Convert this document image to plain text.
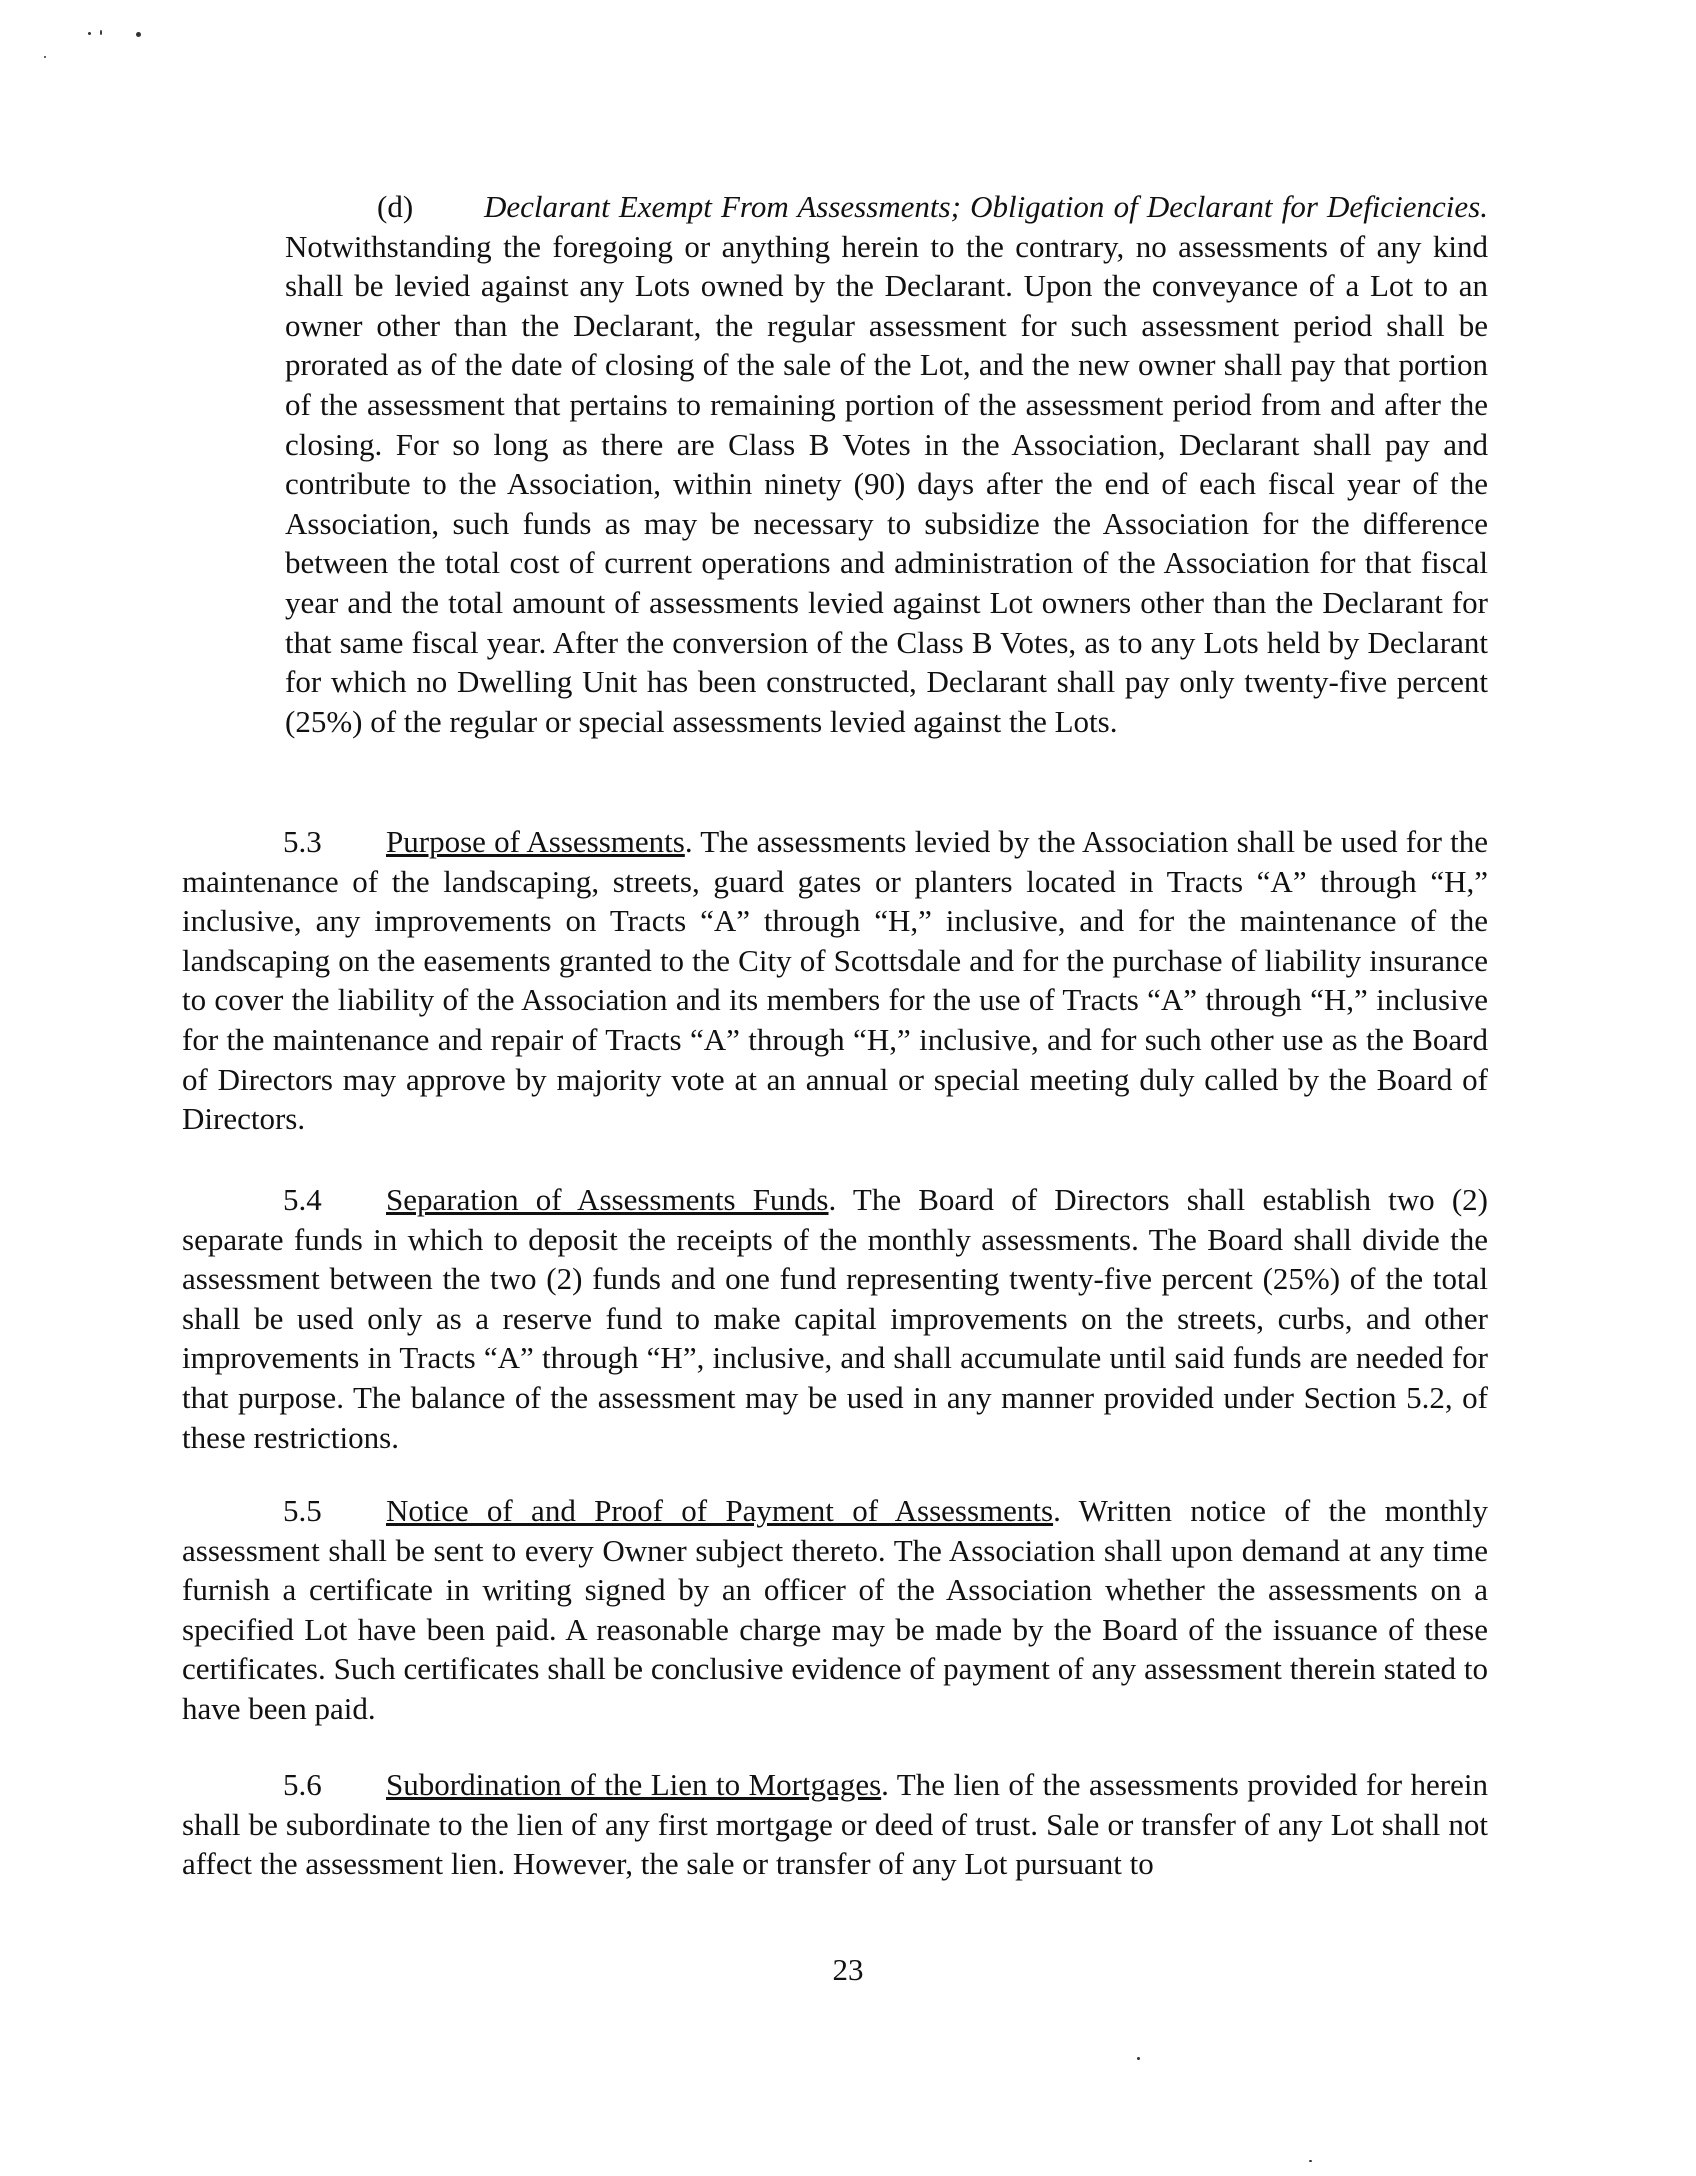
(d) Declarant Exempt From Assessments; Obligation of Declarant for Deficiencies. Notwithstanding the foregoing or anything herein to the contrary, no assessments of any kind shall be levied against any Lots owned by the Declarant. Upon the conveyance of a Lot to an owner other than the Declarant, the regular assessment for such assessment period shall be prorated as of the date of closing of the sale of the Lot, and the new owner shall pay that portion of the assessment that pertains to remaining portion of the assessment period from and after the closing. For so long as there are Class B Votes in the Association, Declarant shall pay and contribute to the Association, within ninety (90) days after the end of each fiscal year of the Association, such funds as may be necessary to subsidize the Association for the difference between the total cost of current operations and administration of the Association for that fiscal year and the total amount of assessments levied against Lot owners other than the Declarant for that same fiscal year. After the conversion of the Class B Votes, as to any Lots held by Declarant for which no Dwelling Unit has been constructed, Declarant shall pay only twenty-five percent (25%) of the regular or special assessments levied against the Lots.

5.3 Purpose of Assessments. The assessments levied by the Association shall be used for the maintenance of the landscaping, streets, guard gates or planters located in Tracts “A” through “H,” inclusive, any improvements on Tracts “A” through “H,” inclusive, and for the maintenance of the landscaping on the easements granted to the City of Scottsdale and for the purchase of liability insurance to cover the liability of the Association and its members for the use of Tracts “A” through “H,” inclusive for the maintenance and repair of Tracts “A” through “H,” inclusive, and for such other use as the Board of Directors may approve by majority vote at an annual or special meeting duly called by the Board of Directors.

5.4 Separation of Assessments Funds. The Board of Directors shall establish two (2) separate funds in which to deposit the receipts of the monthly assessments. The Board shall divide the assessment between the two (2) funds and one fund representing twenty-five percent (25%) of the total shall be used only as a reserve fund to make capital improvements on the streets, curbs, and other improvements in Tracts “A” through “H”, inclusive, and shall accumulate until said funds are needed for that purpose. The balance of the assessment may be used in any manner provided under Section 5.2, of these restrictions.

5.5 Notice of and Proof of Payment of Assessments. Written notice of the monthly assessment shall be sent to every Owner subject thereto. The Association shall upon demand at any time furnish a certificate in writing signed by an officer of the Association whether the assessments on a specified Lot have been paid. A reasonable charge may be made by the Board of the issuance of these certificates. Such certificates shall be conclusive evidence of payment of any assessment therein stated to have been paid.

5.6 Subordination of the Lien to Mortgages. The lien of the assessments provided for herein shall be subordinate to the lien of any first mortgage or deed of trust. Sale or transfer of any Lot shall not affect the assessment lien. However, the sale or transfer of any Lot pursuant to

23
